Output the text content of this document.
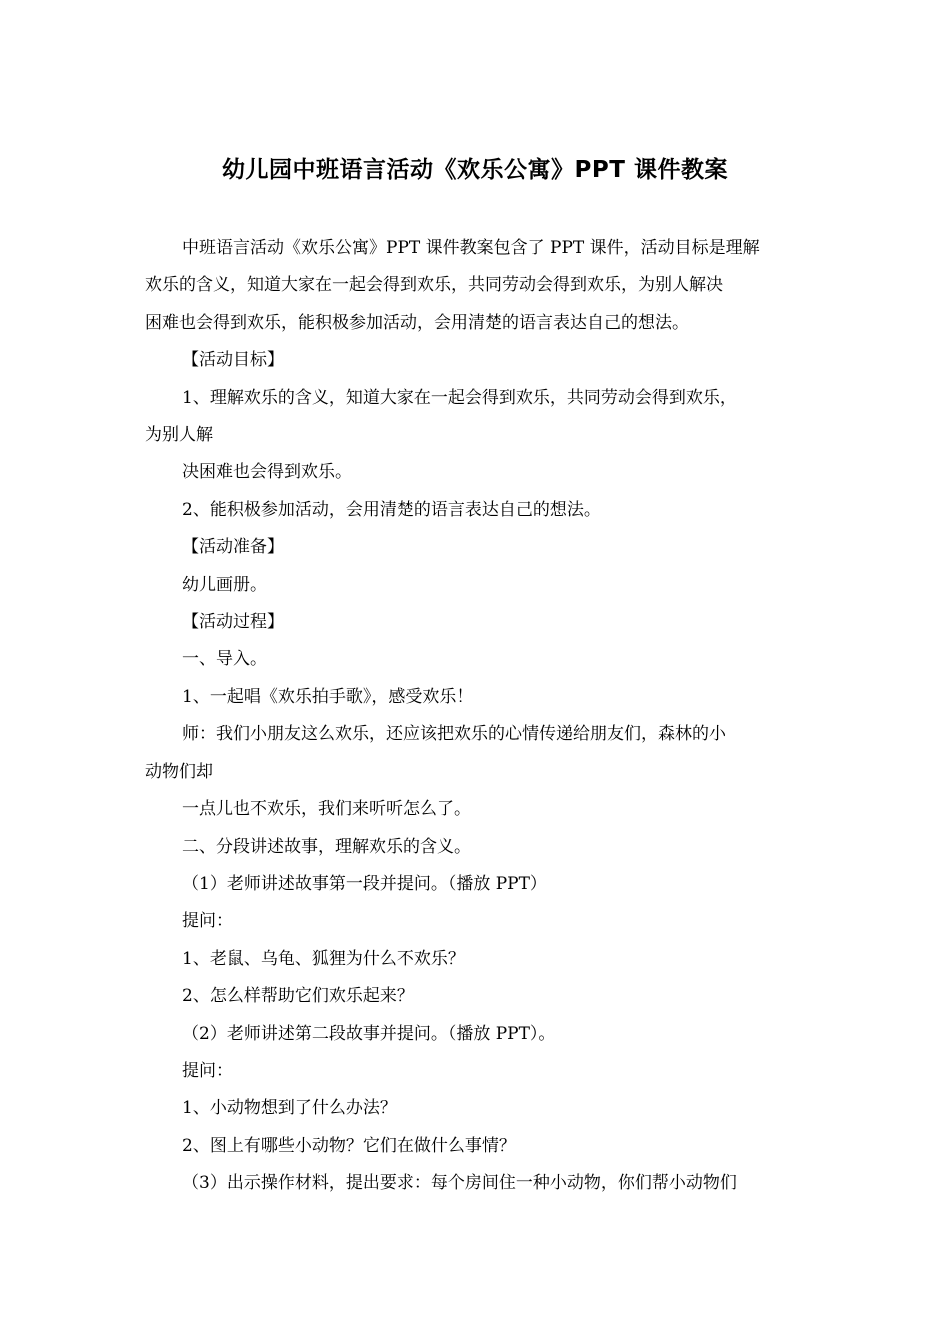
幼儿园中班语言活动《欢乐公寓》PPT 课件教案

中班语言活动《欢乐公寓》PPT 课件教案包含了 PPT 课件，活动目标是理解

欢乐的含义，知道大家在一起会得到欢乐，共同劳动会得到欢乐，为别人解决

困难也会得到欢乐，能积极参加活动，会用清楚的语言表达自己的想法。

【活动目标】

1、理解欢乐的含义，知道大家在一起会得到欢乐，共同劳动会得到欢乐，

为别人解

决困难也会得到欢乐。

2、能积极参加活动，会用清楚的语言表达自己的想法。

【活动准备】

幼儿画册。

【活动过程】

一、导入。

1、一起唱《欢乐拍手歌》，感受欢乐！

师：我们小朋友这么欢乐，还应该把欢乐的心情传递给朋友们，森林的小

动物们却

一点儿也不欢乐，我们来听听怎么了。

二、分段讲述故事，理解欢乐的含义。

（1）老师讲述故事第一段并提问。（播放 PPT）

提问：

1、老鼠、乌龟、狐狸为什么不欢乐？

2、怎么样帮助它们欢乐起来？

（2）老师讲述第二段故事并提问。（播放 PPT）。

提问：

1、小动物想到了什么办法？

2、图上有哪些小动物？它们在做什么事情？

（3）出示操作材料，提出要求：每个房间住一种小动物，你们帮小动物们
